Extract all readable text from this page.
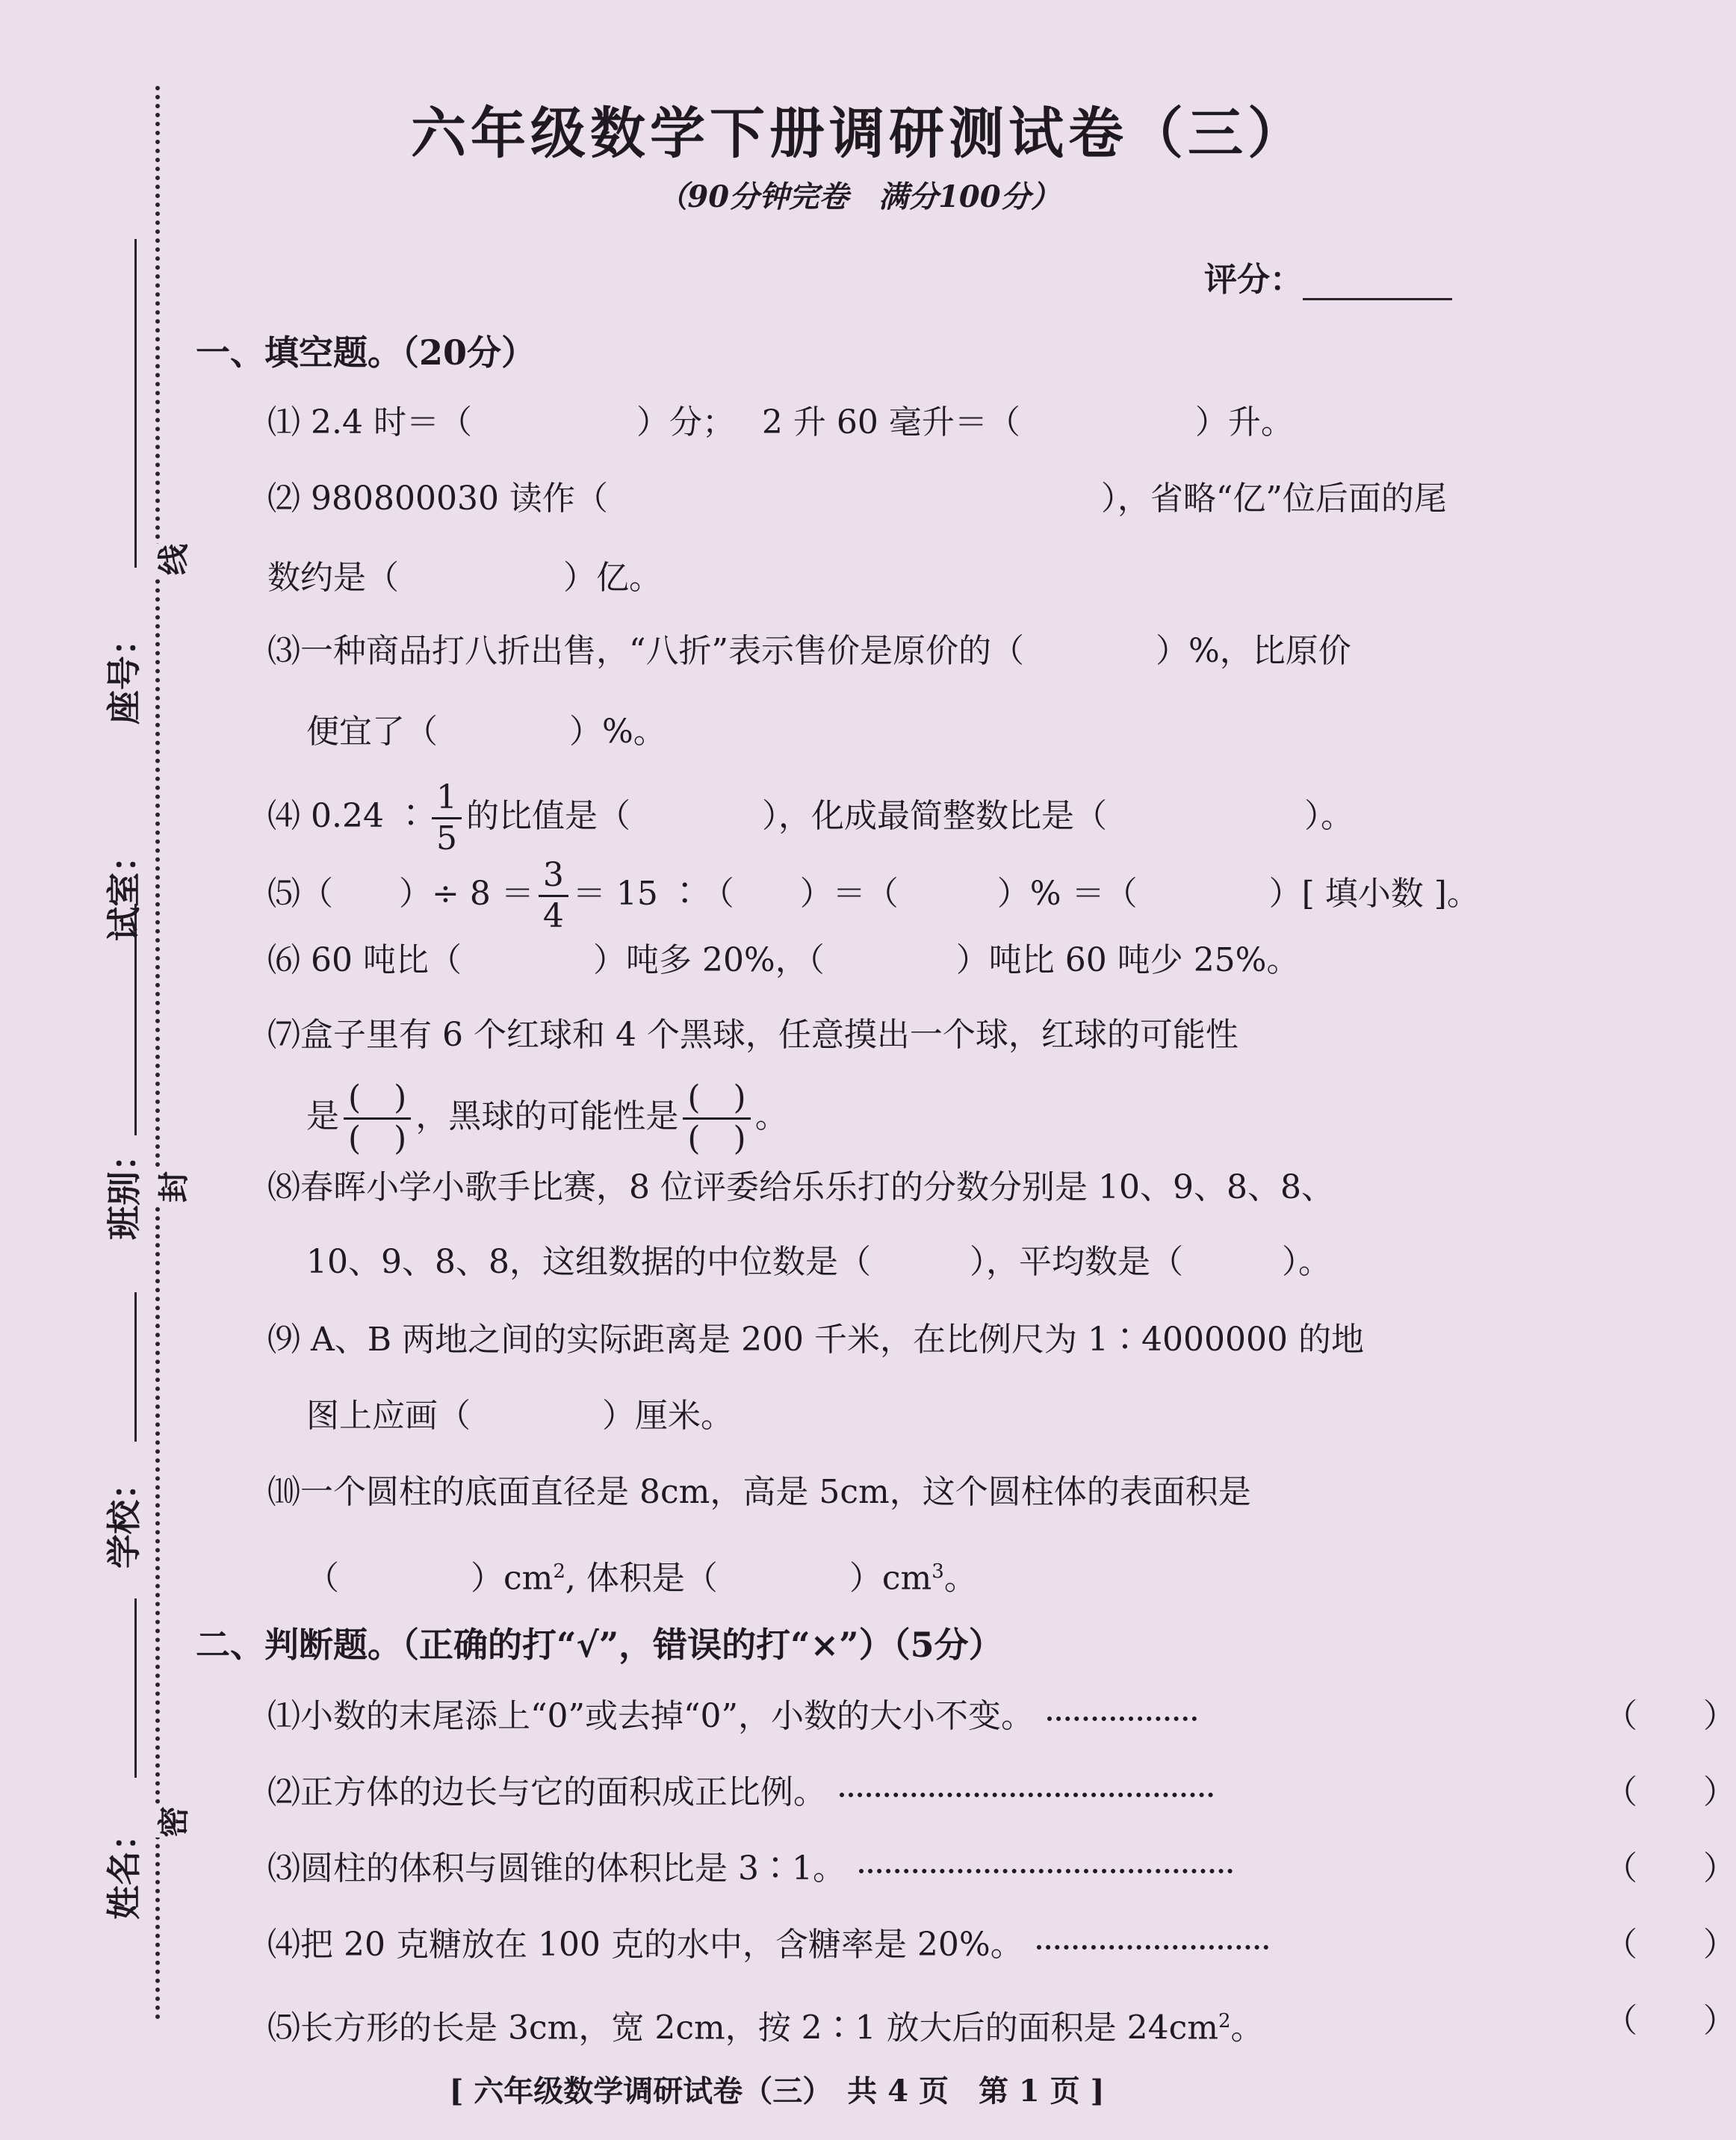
座号：
线
试室：
班别： 封
学校：
姓名： 密
六年级数学下册调研测试卷（三）
（90分钟完卷　满分100分）
评分：
一、填空题。（20分）
⑴ 2.4 时＝（　　　　　）分；　 2 升 60 毫升＝（　　　　　 ）升。
⑵ 980800030 读作（　　　　　　　　　　　　　　　），省略“亿”位后面的尾
数约是（　　　　　）亿。
⑶一种商品打八折出售，“八折”表示售价是原价的（　　　　）%，比原价
便宜了（　　　　）%。
⑷ 0.24 ∶ $\frac{1}{5}$ 的比值是（　　　　），化成最简整数比是（　　　　　　）。
⑸（　　）÷ $8 = \frac{3}{4} = 15$ ∶（　　）＝（　　　）% ＝（　　　　）[ 填小数 ]。
⑹ 60 吨比（　　　　）吨多 20%，（　　　　）吨比 60 吨少 25%。
⑺盒子里有 6 个红球和 4 个黑球，任意摸出一个球，红球的可能性
是 $\frac{( )}{( )}$ ，黑球的可能性是 $\frac{( )}{( )}$ 。
⑻春晖小学小歌手比赛，8 位评委给乐乐打的分数分别是 10、9、8、8、
10、9、8、8，这组数据的中位数是（　　　），平均数是（　　　）。
⑼ A、B 两地之间的实际距离是 200 千米，在比例尺为 1∶4000000 的地
图上应画（　　　　）厘米。
⑽一个圆柱的底面直径是 8cm，高是 5cm，这个圆柱体的表面积是
（　　　　）$cm^2$, 体积是（　　　　）$cm^3$。
二、判断题。（正确的打“√”，错误的打“×”）（5分）
⑴小数的末尾添上“0”或去掉“0”，小数的大小不变。	（　　）
⑵正方体的边长与它的面积成正比例。	（　　）
⑶圆柱的体积与圆锥的体积比是 3∶1。	（　　）
⑷把 20 克糖放在 100 克的水中，含糖率是 20%。	（　　）
⑸长方形的长是 3cm，宽 2cm，按 2∶1 放大后的面积是 $24cm^2$。	（　　）
[ 六年级数学调研试卷（三）　共 4 页　第 1 页 ]
